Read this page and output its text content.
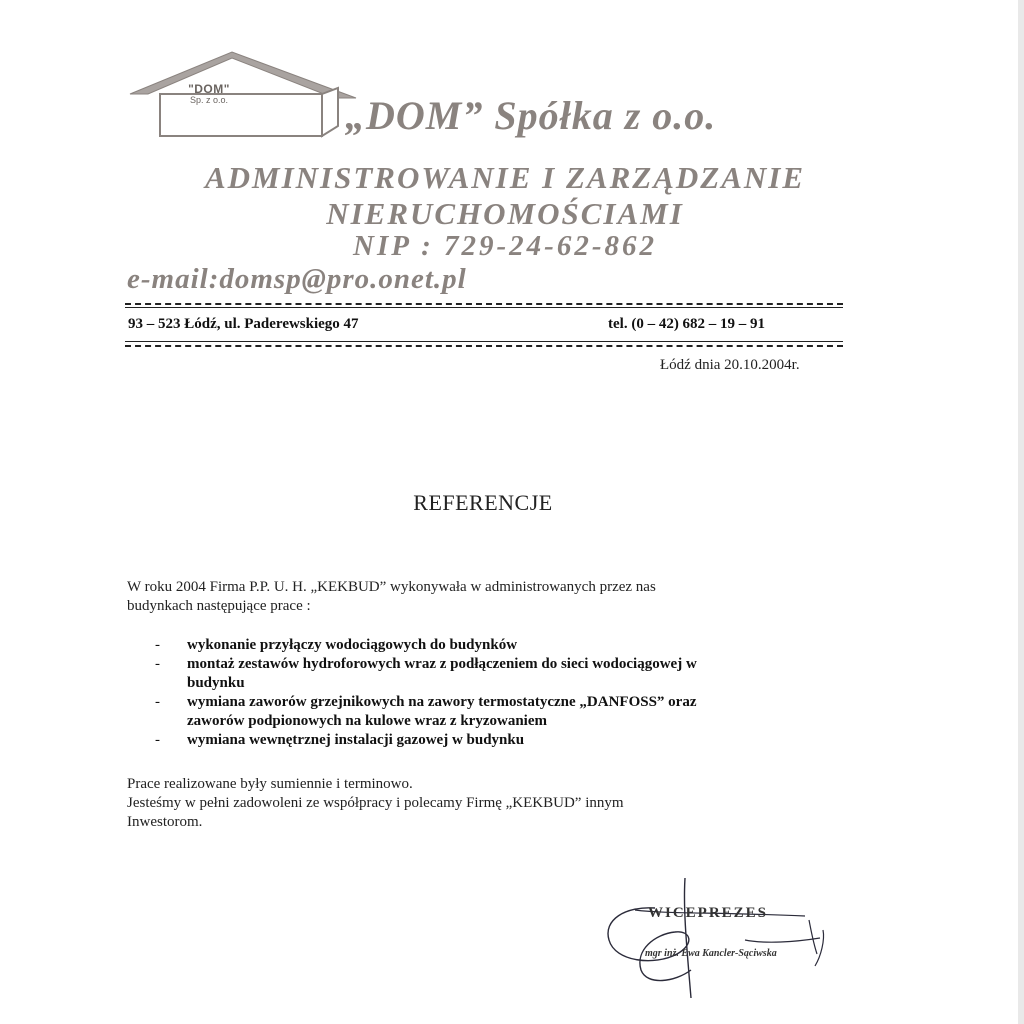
"DOM"
Sp. z o.o.	„DOM” Spółka z o.o.
ADMINISTROWANIE I ZARZĄDZANIE
NIERUCHOMOŚCIAMI
NIP : 729-24-62-862
e-mail:domsp@pro.onet.pl
93 – 523 Łódź, ul. Paderewskiego 47	tel. (0 – 42) 682 – 19 – 91
Łódź dnia 20.10.2004r.
REFERENCJE
W roku 2004 Firma P.P. U. H. „KEKBUD” wykonywała w administrowanych przez nas
budynkach następujące prace :
- wykonanie przyłączy wodociągowych do budynków
- montaż zestawów hydroforowych wraz z podłączeniem do sieci wodociągowej w
budynku
- wymiana zaworów grzejnikowych na zawory termostatyczne „DANFOSS” oraz
zaworów podpionowych na kulowe wraz z kryzowaniem
- wymiana wewnętrznej instalacji gazowej w budynku
Prace realizowane były sumiennie i terminowo.
Jesteśmy w pełni zadowoleni ze współpracy i polecamy Firmę „KEKBUD” innym
Inwestorom.
WICEPREZES
mgr inż. Ewa Kancler-Sąciwska
